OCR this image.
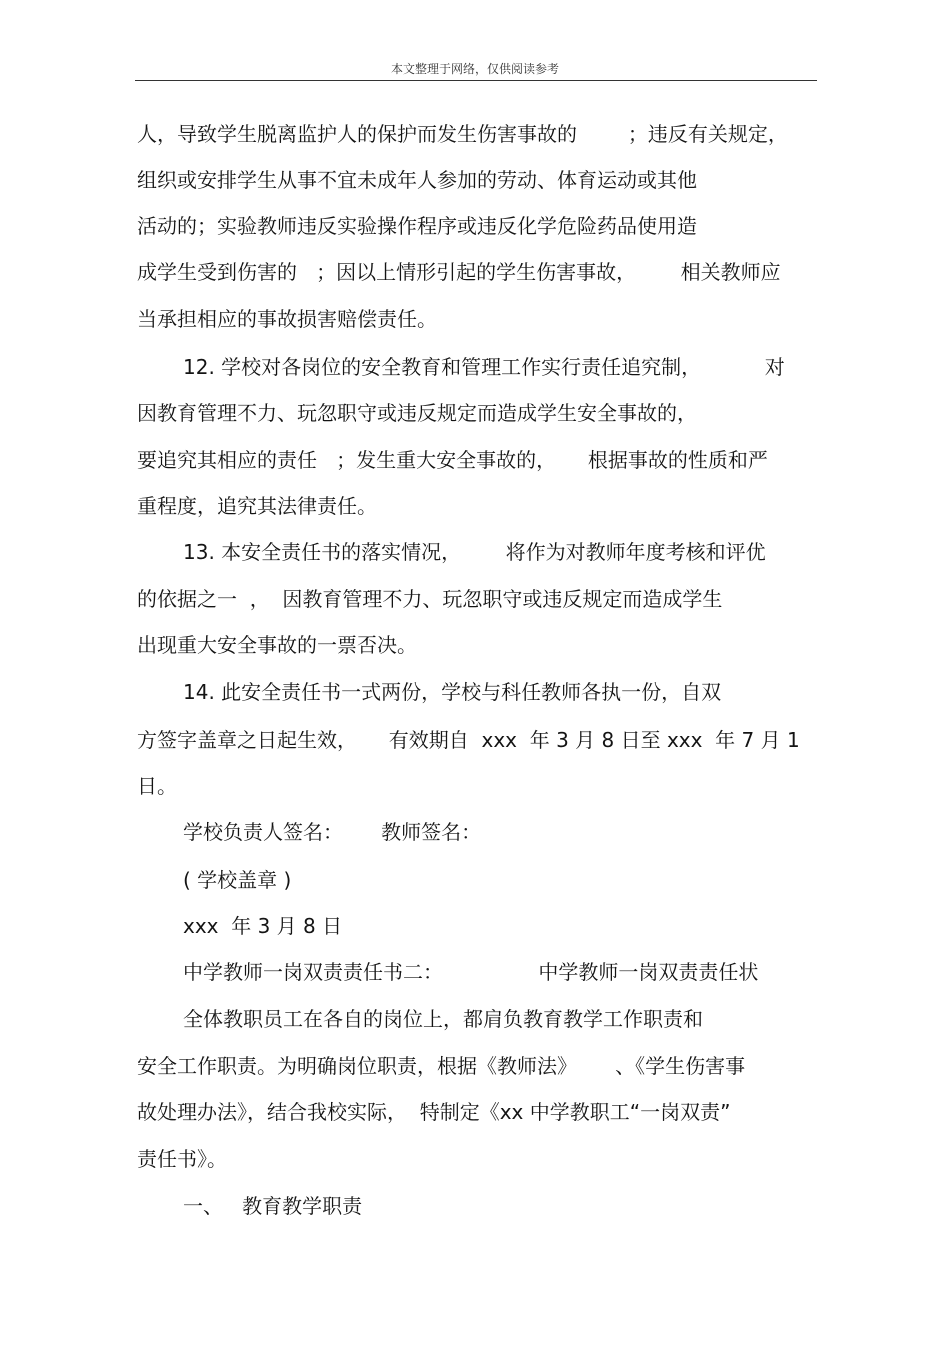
本文整理于网络，仅供阅读参考
人，导致学生脱离监护人的保护而发生伤害事故的        ；违反有关规定，
组织或安排学生从事不宜未成年人参加的劳动、体育运动或其他
活动的；实验教师违反实验操作程序或违反化学危险药品使用造
成学生受到伤害的   ；因以上情形引起的学生伤害事故，       相关教师应
当承担相应的事故损害赔偿责任。
12. 学校对各岗位的安全教育和管理工作实行责任追究制，          对
因教育管理不力、玩忽职守或违反规定而造成学生安全事故的，
要追究其相应的责任   ；发生重大安全事故的，     根据事故的性质和严
重程度，追究其法律责任。
13. 本安全责任书的落实情况，       将作为对教师年度考核和评优
的依据之一  ，  因教育管理不力、玩忽职守或违反规定而造成学生
出现重大安全事故的一票否决。
14. 此安全责任书一式两份，学校与科任教师各执一份，自双
方签字盖章之日起生效，     有效期自  xxx  年 3 月 8 日至 xxx  年 7 月 1
日。
学校负责人签名：      教师签名：
( 学校盖章 )
xxx  年 3 月 8 日
中学教师一岗双责责任书二：               中学教师一岗双责责任状
全体教职员工在各自的岗位上，都肩负教育教学工作职责和
安全工作职责。为明确岗位职责，根据《教师法》      、《学生伤害事
故处理办法》，结合我校实际，  特制定《xx 中学教职工“一岗双责”
责任书》。
一、   教育教学职责
